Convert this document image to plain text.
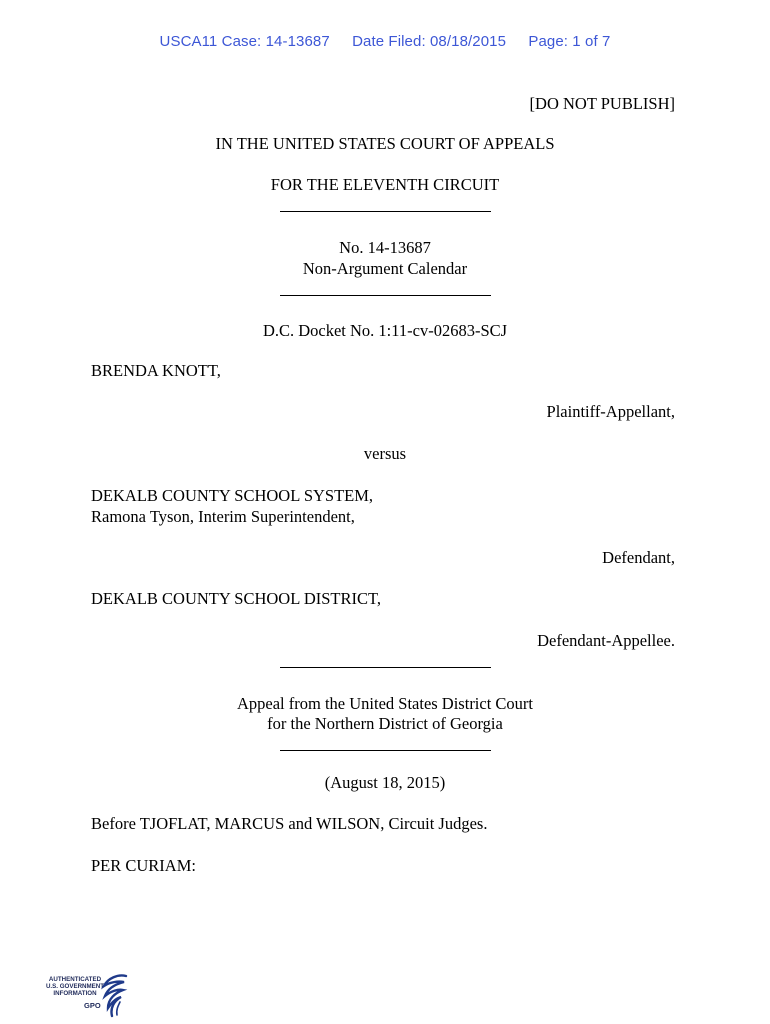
USCA11 Case: 14-13687 Date Filed: 08/18/2015 Page: 1 of 7
[DO NOT PUBLISH]
IN THE UNITED STATES COURT OF APPEALS
FOR THE ELEVENTH CIRCUIT
No. 14-13687
Non-Argument Calendar
D.C. Docket No. 1:11-cv-02683-SCJ
BRENDA KNOTT,
Plaintiff-Appellant,
versus
DEKALB COUNTY SCHOOL SYSTEM,
Ramona Tyson, Interim Superintendent,
Defendant,
DEKALB COUNTY SCHOOL DISTRICT,
Defendant-Appellee.
Appeal from the United States District Court
for the Northern District of Georgia
(August 18, 2015)
Before TJOFLAT, MARCUS and WILSON, Circuit Judges.
PER CURIAM:
AUTHENTICATED
U.S. GOVERNMENT
INFORMATION
GPO
